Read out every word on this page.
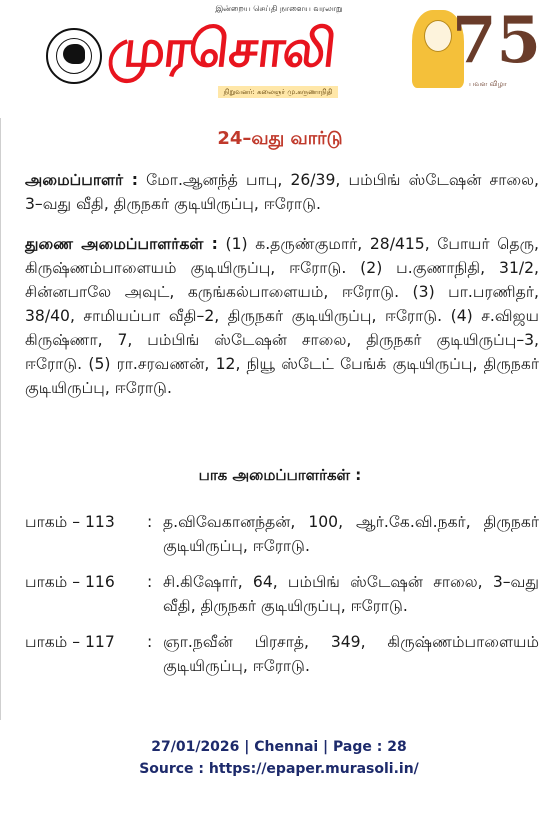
இன்றைய செய்தி நாளைய வரலாறு
முரசொலி
நிறுவனர்: கலைஞர் மு.கருணாநிதி
75
பவள விழா
24–வது வார்டு
அமைப்பாளர் : மோ.ஆனந்த் பாபு, 26/39, பம்பிங் ஸ்டேஷன் சாலை, 3–வது வீதி, திருநகர் குடியிருப்பு, ஈரோடு.
துணை அமைப்பாளர்கள் : (1) க.தருண்குமார், 28/415, போயர் தெரு, கிருஷ்ணம்பாளையம் குடியிருப்பு, ஈரோடு. (2) ப.குணாநிதி, 31/2, சின்னபாலே அவுட், கருங்கல்பாளையம், ஈரோடு. (3) பா.பரணிதர், 38/40, சாமியப்பா வீதி–2, திருநகர் குடியிருப்பு, ஈரோடு. (4) ச.விஜய கிருஷ்ணா, 7, பம்பிங் ஸ்டேஷன் சாலை, திருநகர் குடியிருப்பு–3, ஈரோடு. (5) ரா.சரவணன், 12, நியூ ஸ்டேட் பேங்க் குடியிருப்பு, திருநகர் குடியிருப்பு, ஈரோடு.
பாக அமைப்பாளர்கள் :
பாகம் – 113	: த.விவேகானந்தன், 100, ஆர்.கே.வி.நகர், திருநகர் குடியிருப்பு, ஈரோடு.
பாகம் – 116	: சி.கிஷோர், 64, பம்பிங் ஸ்டேஷன் சாலை, 3–வது வீதி, திருநகர் குடியிருப்பு, ஈரோடு.
பாகம் – 117	: ஞா.நவீன் பிரசாத், 349, கிருஷ்ணம்பாளையம் குடியிருப்பு, ஈரோடு.
27/01/2026 | Chennai | Page : 28
Source : https://epaper.murasoli.in/
